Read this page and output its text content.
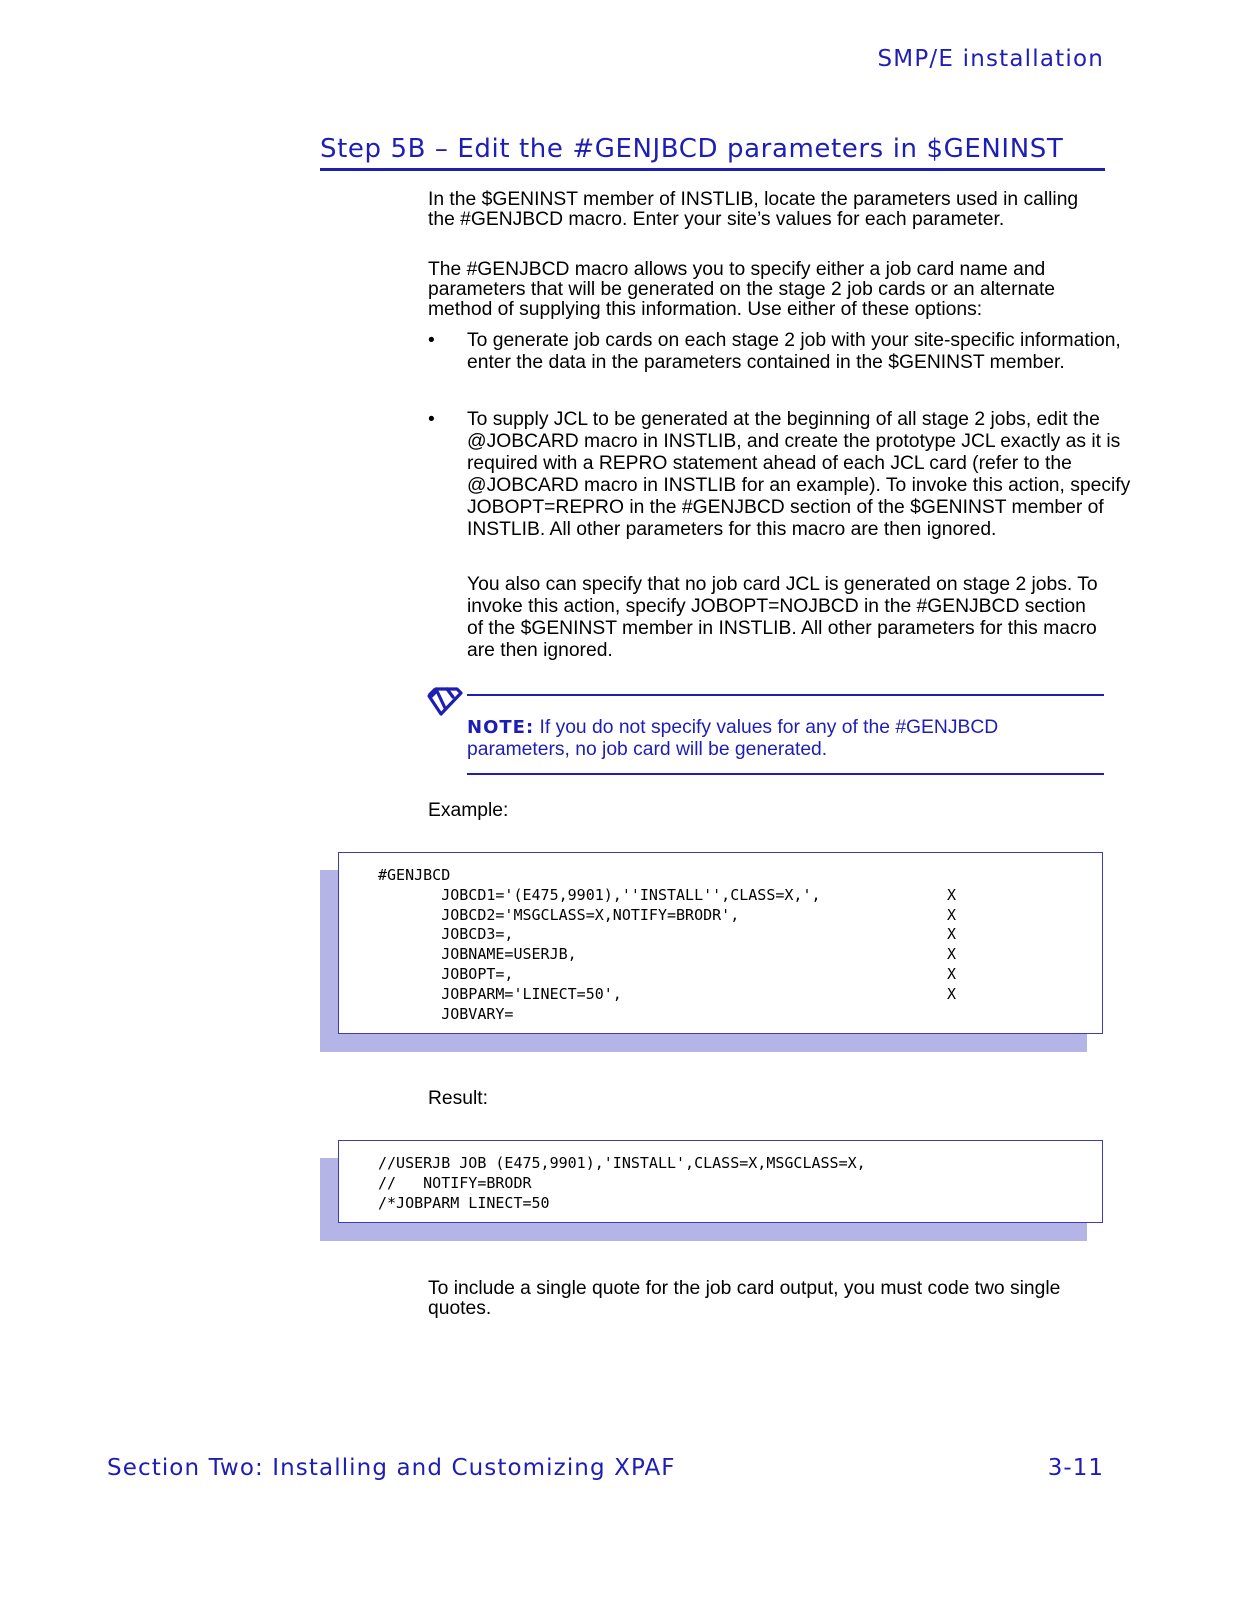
SMP/E installation
Step 5B – Edit the #GENJBCD parameters in $GENINST

In the $GENINST member of INSTLIB, locate the parameters used in calling the #GENJBCD macro. Enter your site’s values for each parameter.

The #GENJBCD macro allows you to specify either a job card name and parameters that will be generated on the stage 2 job cards or an alternate method of supplying this information. Use either of these options:

• To generate job cards on each stage 2 job with your site-specific information, enter the data in the parameters contained in the $GENINST member.
• To supply JCL to be generated at the beginning of all stage 2 jobs, edit the @JOBCARD macro in INSTLIB, and create the prototype JCL exactly as it is required with a REPRO statement ahead of each JCL card (refer to the @JOBCARD macro in INSTLIB for an example). To invoke this action, specify JOBOPT=REPRO in the #GENJBCD section of the $GENINST member of INSTLIB. All other parameters for this macro are then ignored.

You also can specify that no job card JCL is generated on stage 2 jobs. To invoke this action, specify JOBOPT=NOJBCD in the #GENJBCD section of the $GENINST member in INSTLIB. All other parameters for this macro are then ignored.

NOTE: If you do not specify values for any of the #GENJBCD parameters, no job card will be generated.

Example:
#GENJBCD
JOBCD1='(E475,9901),''INSTALL'',CLASS=X,',              X
JOBCD2='MSGCLASS=X,NOTIFY=BRODR',                       X
JOBCD3=,                                                X
JOBNAME=USERJB,                                         X
JOBOPT=,                                                X
JOBPARM='LINECT=50',                                    X
JOBVARY=
Result:
//USERJB JOB (E475,9901),'INSTALL',CLASS=X,MSGCLASS=X,
//   NOTIFY=BRODR
/*JOBPARM LINECT=50

To include a single quote for the job card output, you must code two single quotes.

Section Two: Installing and Customizing XPAF	3-11
